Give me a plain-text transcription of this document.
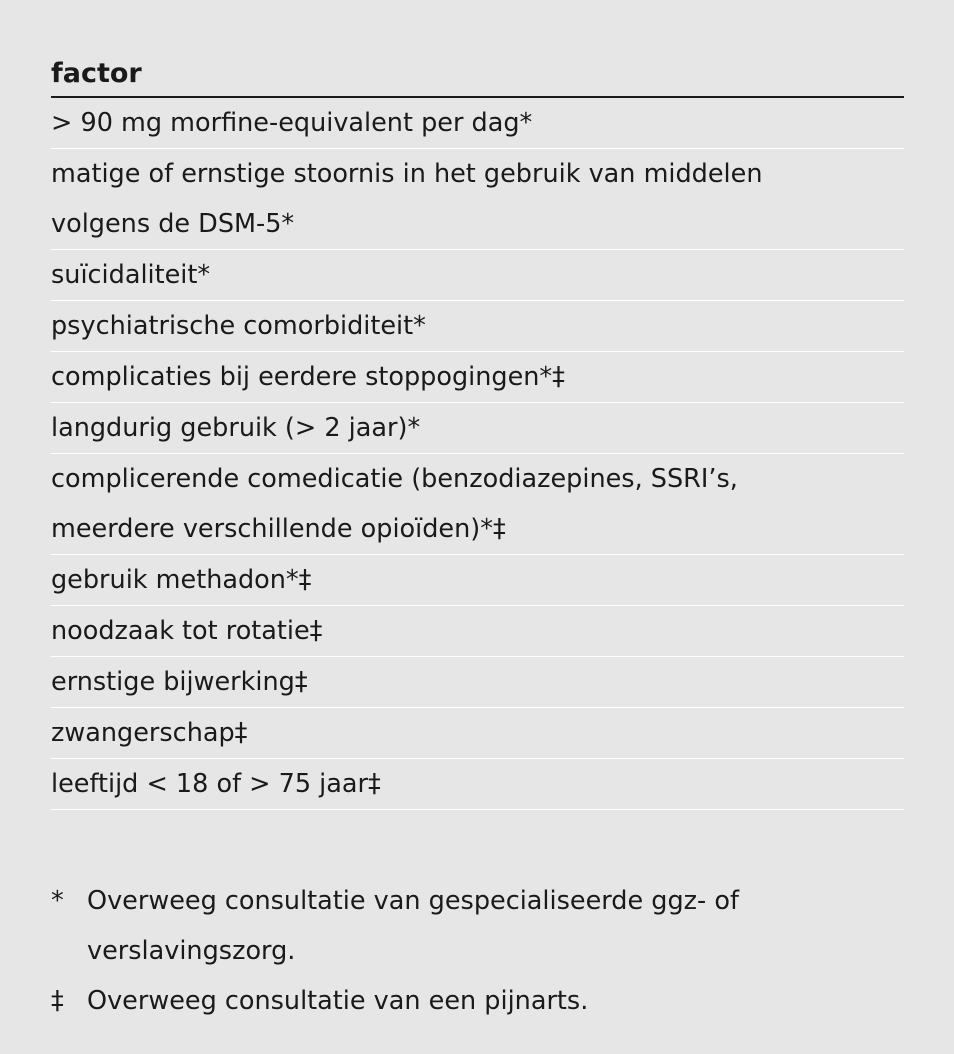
factor
> 90 mg morfine-equivalent per dag*
matige of ernstige stoornis in het gebruik van middelen
volgens de DSM-5*
suïcidaliteit*
psychiatrische comorbiditeit*
complicaties bij eerdere stoppogingen*‡
langdurig gebruik (> 2 jaar)*
complicerende comedicatie (benzodiazepines, SSRI’s,
meerdere verschillende opioïden)*‡
gebruik methadon*‡
noodzaak tot rotatie‡
ernstige bijwerking‡
zwangerschap‡
leeftijd < 18 of > 75 jaar‡
* Overweeg consultatie van gespecialiseerde ggz- of
verslavingszorg.
‡ Overweeg consultatie van een pijnarts.
